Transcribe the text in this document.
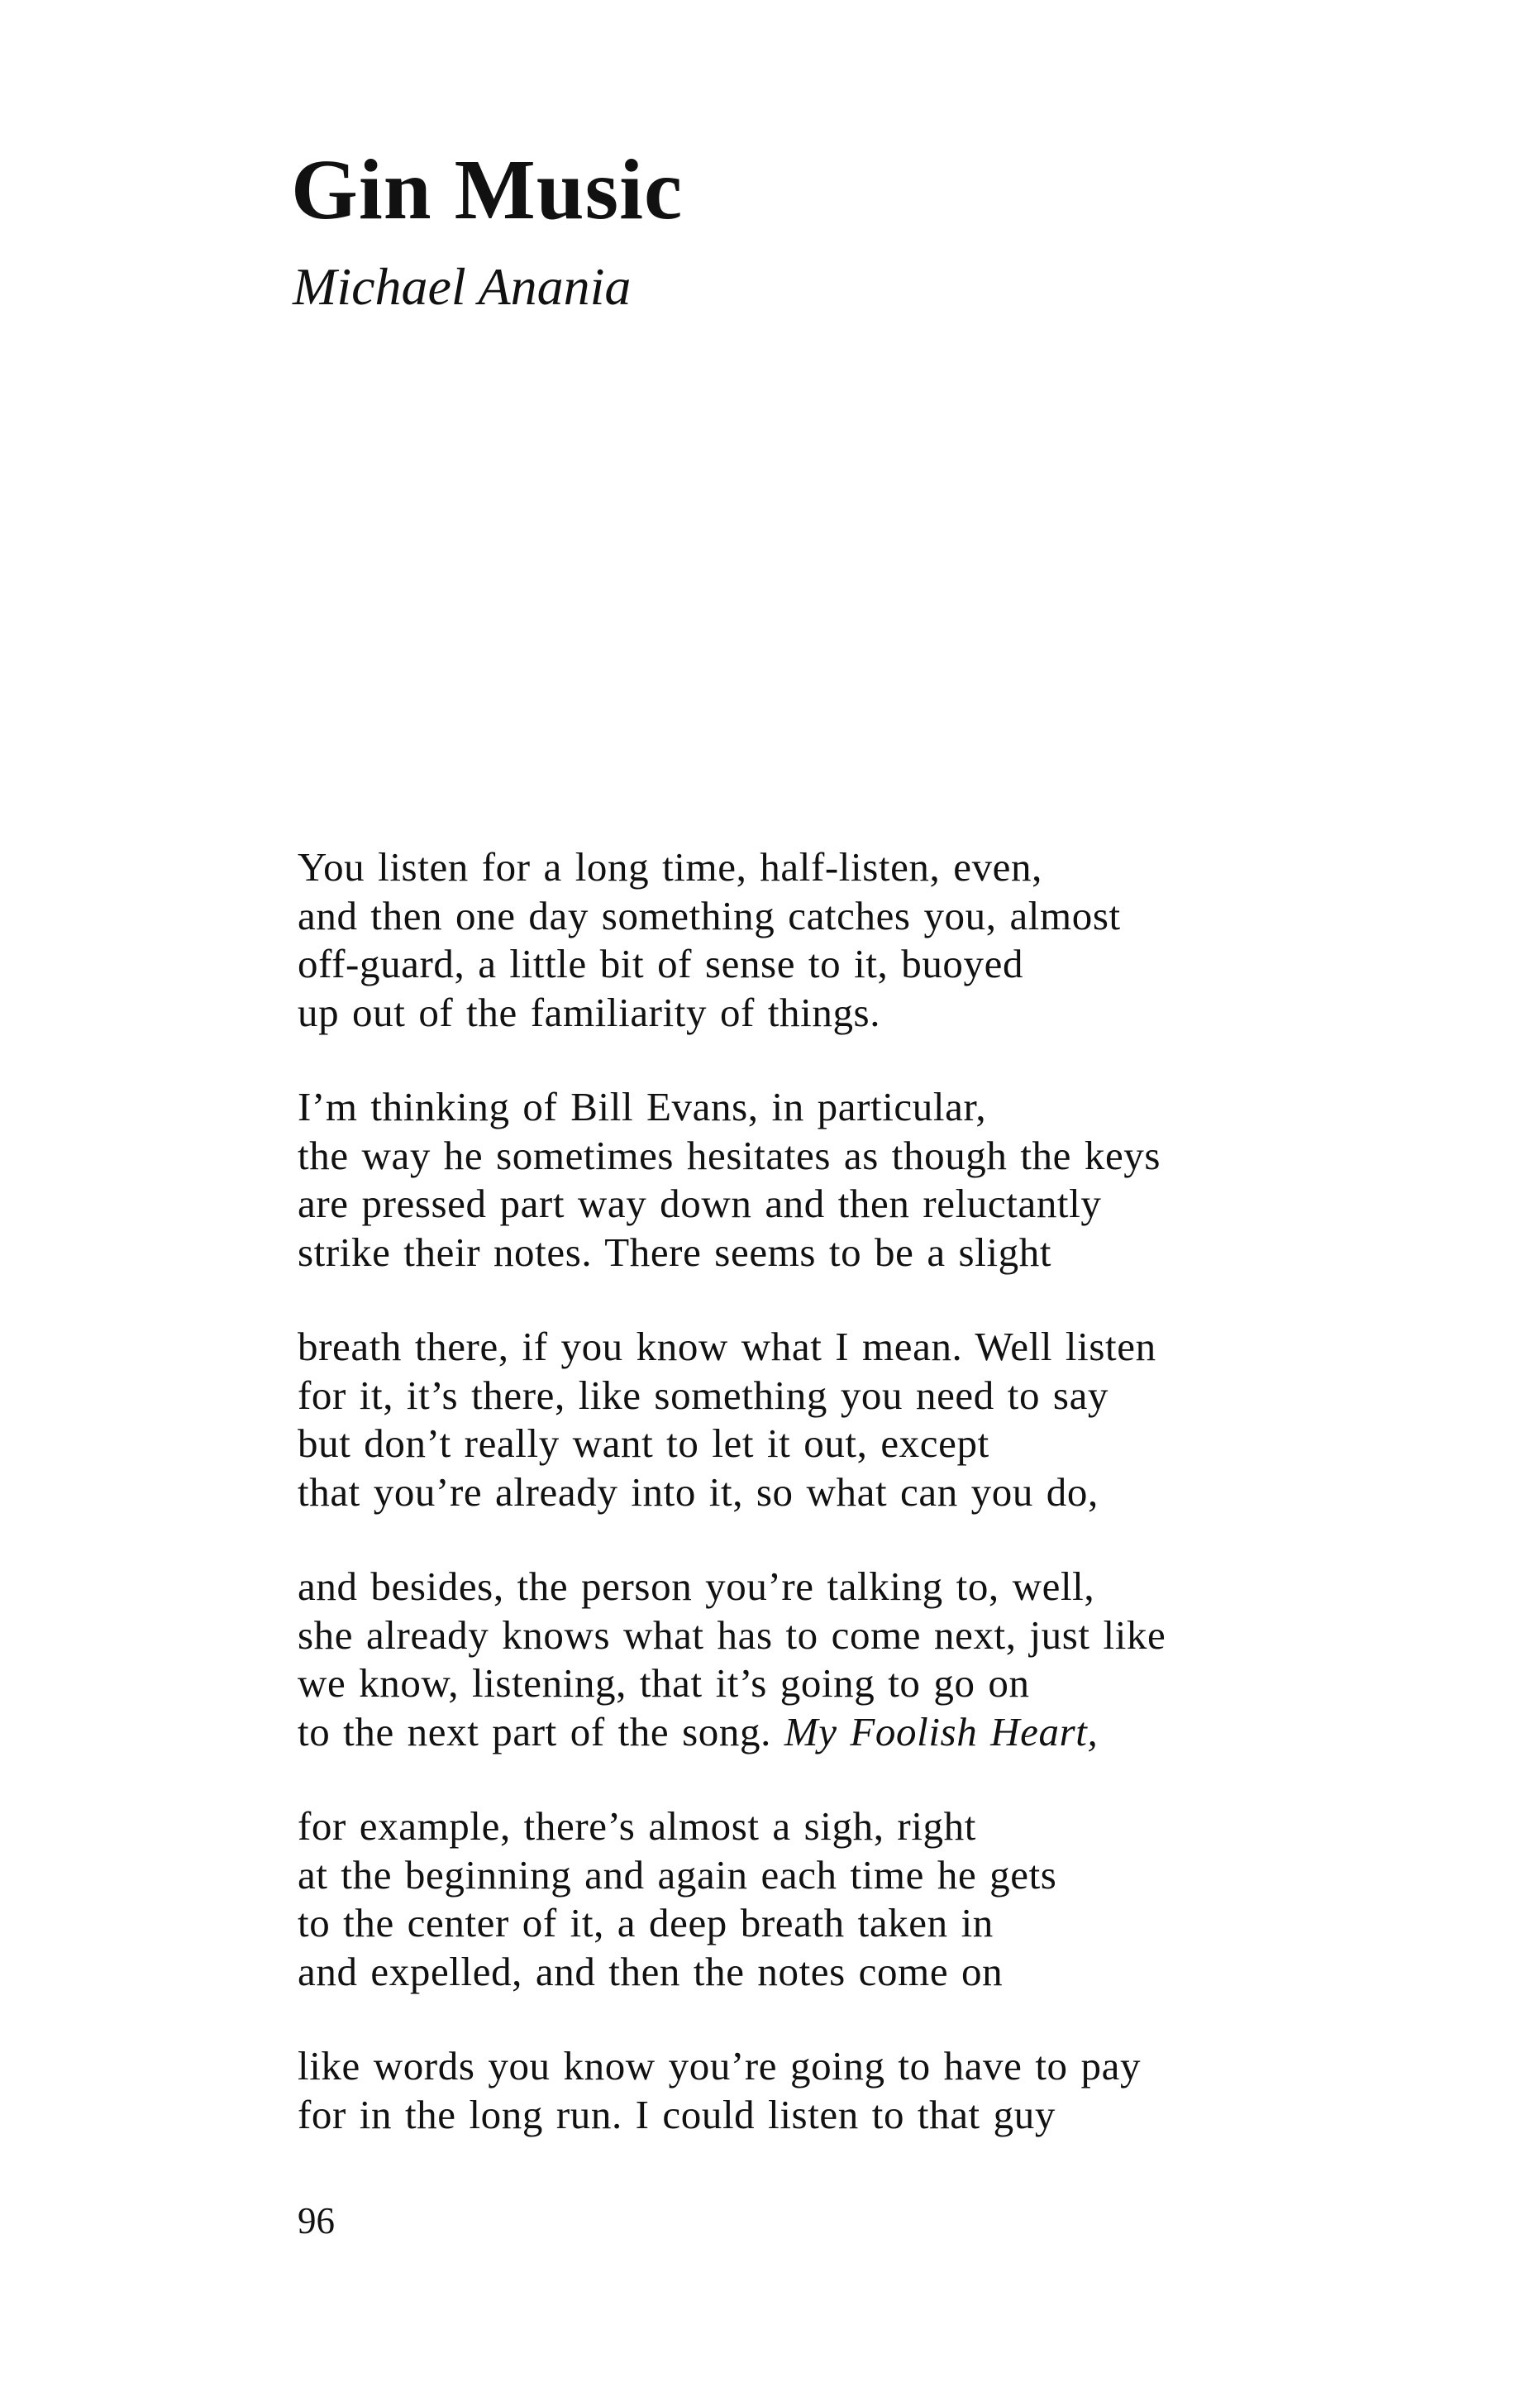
Gin Music

Michael Anania

You listen for a long time, half-listen, even,
and then one day something catches you, almost
off-guard, a little bit of sense to it, buoyed
up out of the familiarity of things.
I’m thinking of Bill Evans, in particular,
the way he sometimes hesitates as though the keys
are pressed part way down and then reluctantly
strike their notes. There seems to be a slight
breath there, if you know what I mean. Well listen
for it, it’s there, like something you need to say
but don’t really want to let it out, except
that you’re already into it, so what can you do,
and besides, the person you’re talking to, well,
she already knows what has to come next, just like
we know, listening, that it’s going to go on
to the next part of the song. My Foolish Heart,
for example, there’s almost a sigh, right
at the beginning and again each time he gets
to the center of it, a deep breath taken in
and expelled, and then the notes come on
like words you know you’re going to have to pay
for in the long run. I could listen to that guy

96
